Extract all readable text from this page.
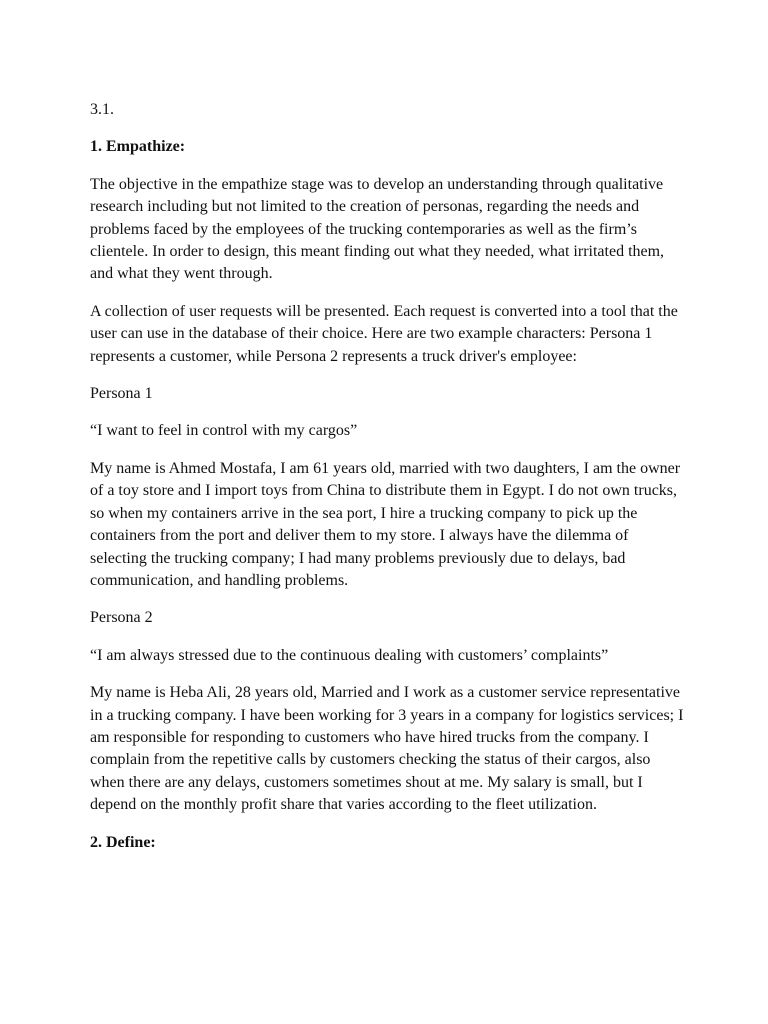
3.1.

1. Empathize:

The objective in the empathize stage was to develop an understanding through qualitative research including but not limited to the creation of personas, regarding the needs and problems faced by the employees of the trucking contemporaries as well as the firm’s clientele. In order to design, this meant finding out what they needed, what irritated them, and what they went through.

A collection of user requests will be presented. Each request is converted into a tool that the user can use in the database of their choice. Here are two example characters: Persona 1 represents a customer, while Persona 2 represents a truck driver's employee:

Persona 1

“I want to feel in control with my cargos”

My name is Ahmed Mostafa, I am 61 years old, married with two daughters, I am the owner of a toy store and I import toys from China to distribute them in Egypt. I do not own trucks, so when my containers arrive in the sea port, I hire a trucking company to pick up the containers from the port and deliver them to my store. I always have the dilemma of selecting the trucking company; I had many problems previously due to delays, bad communication, and handling problems.

Persona 2

“I am always stressed due to the continuous dealing with customers’ complaints”

My name is Heba Ali, 28 years old, Married and I work as a customer service representative in a trucking company. I have been working for 3 years in a company for logistics services; I am responsible for responding to customers who have hired trucks from the company. I complain from the repetitive calls by customers checking the status of their cargos, also when there are any delays, customers sometimes shout at me. My salary is small, but I depend on the monthly profit share that varies according to the fleet utilization.

2. Define:
